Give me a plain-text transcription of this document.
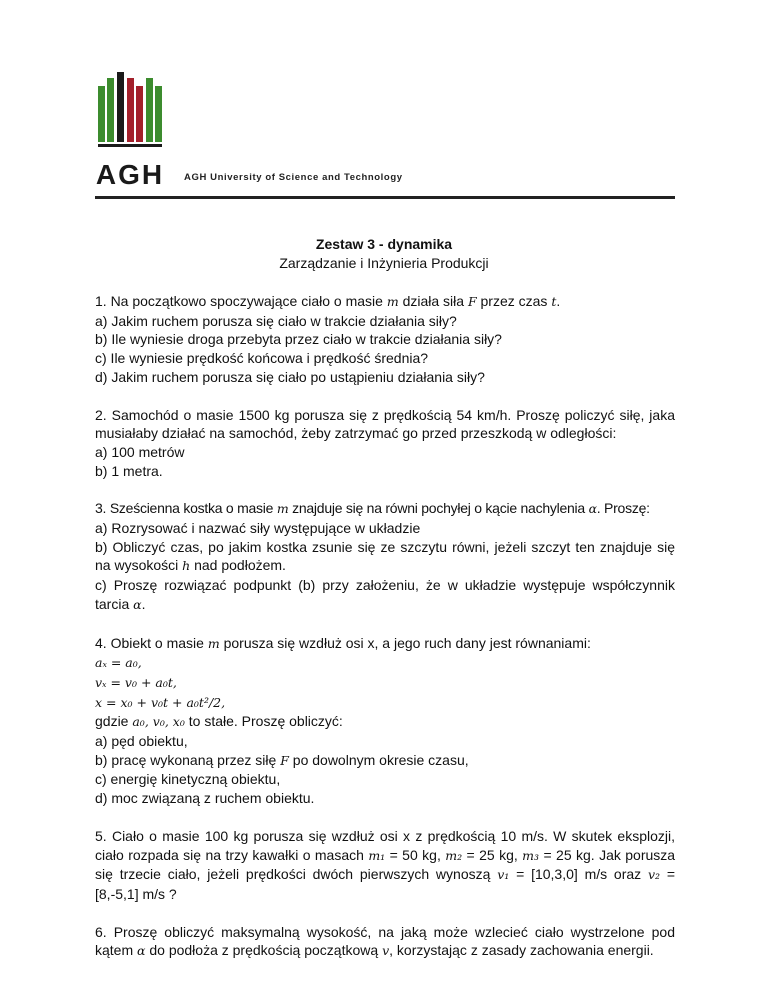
AGH AGH University of Science and Technology
Zestaw 3 - dynamika
Zarządzanie i Inżynieria Produkcji

1. Na początkowo spoczywające ciało o masie m działa siła F przez czas t.
a) Jakim ruchem porusza się ciało w trakcie działania siły?
b) Ile wyniesie droga przebyta przez ciało w trakcie działania siły?
c) Ile wyniesie prędkość końcowa i prędkość średnia?
d) Jakim ruchem porusza się ciało po ustąpieniu działania siły?

2. Samochód o masie 1500 kg porusza się z prędkością 54 km/h. Proszę policzyć siłę, jaka musiałaby działać na samochód, żeby zatrzymać go przed przeszkodą w odległości:
a) 100 metrów
b) 1 metra.

3. Sześcienna kostka o masie m znajduje się na równi pochyłej o kącie nachylenia α. Proszę:
a) Rozrysować i nazwać siły występujące w układzie
b) Obliczyć czas, po jakim kostka zsunie się ze szczytu równi, jeżeli szczyt ten znajduje się na wysokości h nad podłożem.
c) Proszę rozwiązać podpunkt (b) przy założeniu, że w układzie występuje współczynnik tarcia α.

4. Obiekt o masie m porusza się wzdłuż osi x, a jego ruch dany jest równaniami:
aₓ = a₀,
vₓ = v₀ + a₀t,
x = x₀ + v₀t + a₀t²/2,
gdzie a₀, v₀, x₀ to stałe. Proszę obliczyć:
a) pęd obiektu,
b) pracę wykonaną przez siłę F po dowolnym okresie czasu,
c) energię kinetyczną obiektu,
d) moc związaną z ruchem obiektu.

5. Ciało o masie 100 kg porusza się wzdłuż osi x z prędkością 10 m/s. W skutek eksplozji, ciało rozpada się na trzy kawałki o masach m₁ = 50 kg, m₂ = 25 kg, m₃ = 25 kg. Jak porusza się trzecie ciało, jeżeli prędkości dwóch pierwszych wynoszą v₁ = [10,3,0] m/s oraz v₂ = [8,-5,1] m/s ?

6. Proszę obliczyć maksymalną wysokość, na jaką może wzlecieć ciało wystrzelone pod kątem α do podłoża z prędkością początkową v, korzystając z zasady zachowania energii.
